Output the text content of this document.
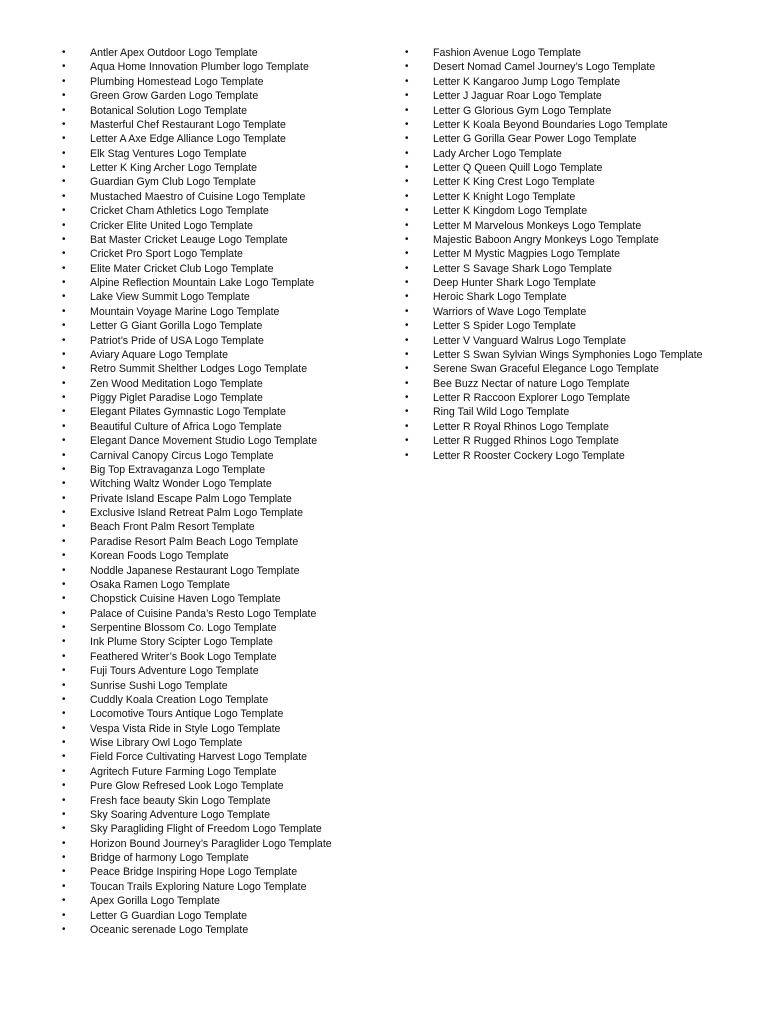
•	Antler Apex Outdoor Logo Template
•	Aqua Home Innovation Plumber logo Template
•	Plumbing Homestead Logo Template
•	Green Grow Garden Logo Template
•	Botanical Solution Logo Template
•	Masterful Chef Restaurant Logo Template
•	Letter A Axe Edge Alliance Logo Template
•	Elk Stag Ventures Logo Template
•	Letter K King Archer Logo Template
•	Guardian Gym Club Logo Template
•	Mustached Maestro of Cuisine Logo Template
•	Cricket Cham Athletics Logo Template
•	Cricker Elite United Logo Template
•	Bat Master Cricket Leauge Logo Template
•	Cricket Pro Sport Logo Template
•	Elite Mater Cricket Club Logo Template
•	Alpine Reflection Mountain Lake Logo Template
•	Lake View Summit Logo Template
•	Mountain Voyage Marine Logo Template
•	Letter G Giant Gorilla Logo Template
•	Patriot’s Pride of USA Logo Template
•	Aviary Aquare Logo Template
•	Retro Summit Shelther Lodges Logo Template
•	Zen Wood Meditation Logo Template
•	Piggy Piglet Paradise Logo Template
•	Elegant Pilates Gymnastic Logo Template
•	Beautiful Culture of Africa Logo Template
•	Elegant Dance Movement Studio Logo Template
•	Carnival Canopy Circus Logo Template
•	Big Top Extravaganza Logo Template
•	Witching Waltz Wonder Logo Template
•	Private Island Escape Palm Logo Template
•	Exclusive Island Retreat Palm Logo Template
•	Beach Front Palm Resort Template
•	Paradise Resort Palm Beach Logo Template
•	Korean Foods Logo Template
•	Noddle Japanese Restaurant Logo Template
•	Osaka Ramen Logo Template
•	Chopstick Cuisine Haven Logo Template
•	Palace of Cuisine Panda’s Resto Logo Template
•	Serpentine Blossom Co. Logo Template
•	Ink Plume Story Scipter Logo Template
•	Feathered Writer’s Book Logo Template
•	Fuji Tours Adventure Logo Template
•	Sunrise Sushi Logo Template
•	Cuddly Koala Creation Logo Template
•	Locomotive Tours Antique Logo Template
•	Vespa Vista Ride in Style Logo Template
•	Wise Library Owl Logo Template
•	Field Force Cultivating Harvest Logo Template
•	Agritech Future Farming Logo Template
•	Pure Glow Refresed Look Logo Template
•	Fresh face beauty Skin Logo Template
•	Sky Soaring Adventure Logo Template
•	Sky Paragliding Flight of Freedom Logo Template
•	Horizon Bound Journey’s Paraglider Logo Template
•	Bridge of harmony Logo Template
•	Peace Bridge Inspiring Hope Logo Template
•	Toucan Trails Exploring Nature Logo Template
•	Apex Gorilla Logo Template
•	Letter G Guardian Logo Template
•	Oceanic serenade Logo Template
•	Fashion Avenue Logo Template
•	Desert Nomad Camel Journey’s Logo Template
•	Letter K Kangaroo Jump Logo Template
•	Letter J Jaguar Roar Logo Template
•	Letter G Glorious Gym Logo Template
•	Letter K Koala Beyond Boundaries Logo Template
•	Letter G Gorilla Gear Power Logo Template
•	Lady Archer Logo Template
•	Letter Q Queen Quill Logo Template
•	Letter K King Crest Logo Template
•	Letter K Knight Logo Template
•	Letter K Kingdom Logo Template
•	Letter M Marvelous Monkeys Logo Template
•	Majestic Baboon Angry Monkeys Logo Template
•	Letter M Mystic Magpies Logo Template
•	Letter S Savage Shark Logo Template
•	Deep Hunter Shark Logo Template
•	Heroic Shark Logo Template
•	Warriors of Wave Logo Template
•	Letter S Spider Logo Template
•	Letter V Vanguard Walrus Logo Template
•	Letter S Swan Sylvian Wings Symphonies Logo Template
•	Serene Swan Graceful Elegance Logo Template
•	Bee Buzz Nectar of nature Logo Template
•	Letter R Raccoon Explorer Logo Template
•	Ring Tail Wild Logo Template
•	Letter R Royal Rhinos Logo Template
•	Letter R Rugged Rhinos Logo Template
•	Letter R Rooster Cockery Logo Template
